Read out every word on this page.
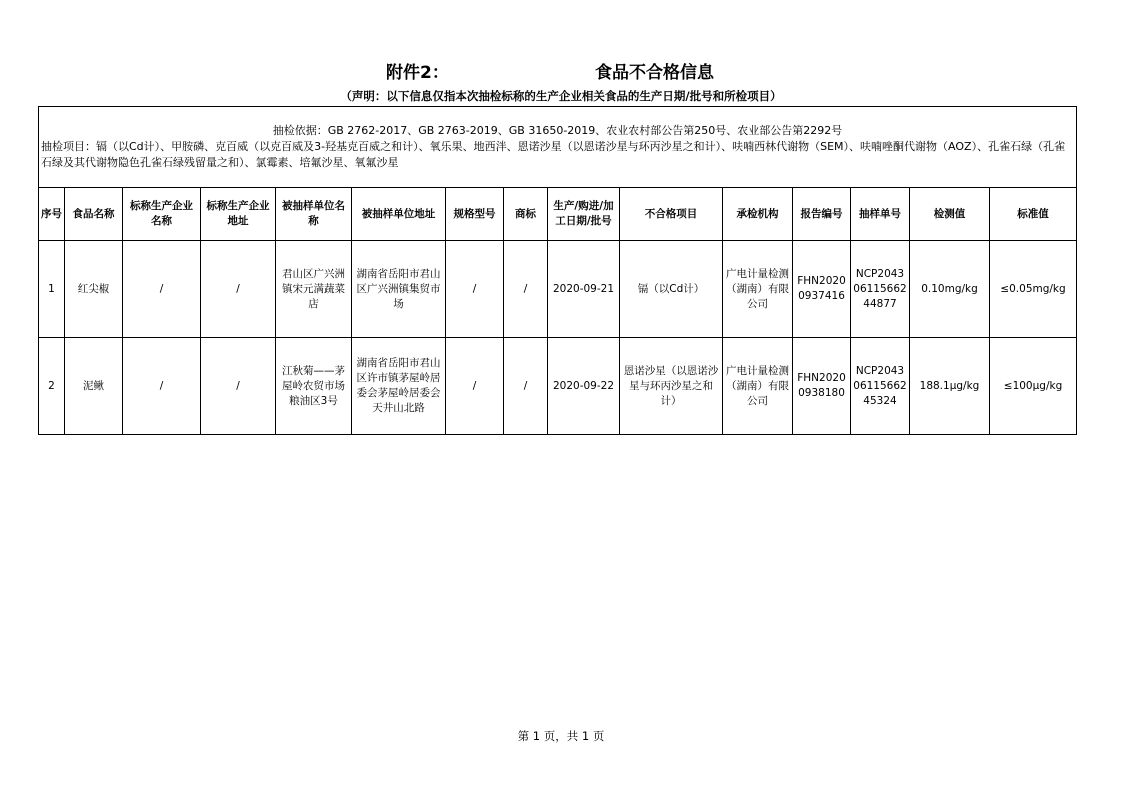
附件2：	食品不合格信息
（声明：以下信息仅指本次抽检标称的生产企业相关食品的生产日期/批号和所检项目）
抽检依据：GB 2762-2017、GB 2763-2019、GB 31650-2019、农业农村部公告第250号、农业部公告第2292号
抽检项目：镉（以Cd计）、甲胺磷、克百威（以克百威及3-羟基克百威之和计）、氧乐果、地西泮、恩诺沙星（以恩诺沙星与环丙沙星之和计）、呋喃西林代谢物（SEM）、呋喃唑酮代谢物（AOZ）、孔雀石绿（孔雀石绿及其代谢物隐色孔雀石绿残留量之和）、氯霉素、培氟沙星、氧氟沙星														

序号	食品名称	标称生产企业名称	标称生产企业地址	被抽样单位名称	被抽样单位地址	规格型号	商标	生产/购进/加工日期/批号	不合格项目	承检机构	报告编号	抽样单号	检测值	标准值
1	红尖椒	/	/	君山区广兴洲镇宋元满蔬菜店	湖南省岳阳市君山区广兴洲镇集贸市场	/	/	2020-09-21	镉（以Cd计）	广电计量检测（湖南）有限公司	FHN20200937416	NCP20430611566244877	0.10mg/kg	≤0.05mg/kg
2	泥鳅	/	/	江秋菊——茅屋岭农贸市场粮油区3号	湖南省岳阳市君山区许市镇茅屋岭居委会茅屋岭居委会天井山北路	/	/	2020-09-22	恩诺沙星（以恩诺沙星与环丙沙星之和计）	广电计量检测（湖南）有限公司	FHN20200938180	NCP20430611566245324	188.1μg/kg	≤100μg/kg
第 1 页，共 1 页
